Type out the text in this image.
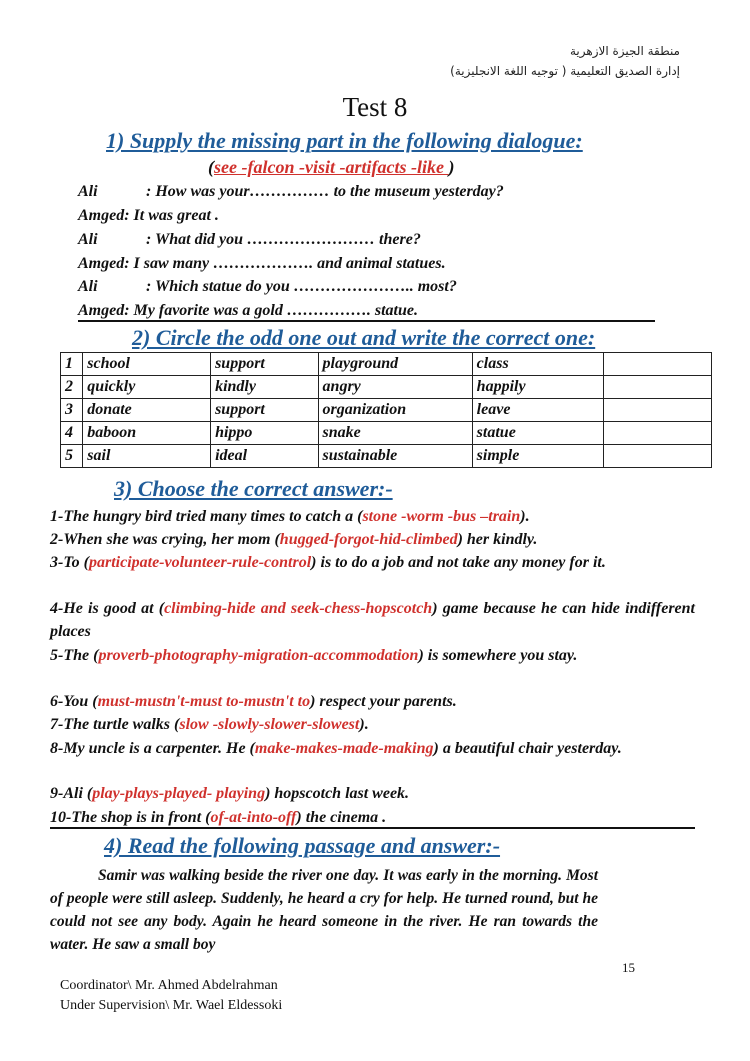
منطقة الجيزة الازهرية
إدارة الصديق التعليمية ( توجيه اللغة الانجليزية)
Test 8
1) Supply the missing part in the following dialogue:
(see -falcon -visit -artifacts -like )
Ali	: How was your…………… to the museum yesterday?
Amged: It was great .
Ali	: What did you …………………… there?
Amged: I saw many ………………. and animal statues.
Ali	: Which statue do you ………………….. most?
Amged: My favorite was a gold ……………. statue.
2) Circle the odd one out and write the correct one:
1	school	support	playground	class	
2	quickly	kindly	angry	happily	
3	donate	support	organization	leave	
4	baboon	hippo	snake	statue	
5	sail	ideal	sustainable	simple	
3) Choose the correct answer:-
1-The hungry bird tried many times to catch a (stone -worm -bus –train).
2-When she was crying, her mom (hugged-forgot-hid-climbed) her kindly.
3-To (participate-volunteer-rule-control) is to do a job and not take any money for it.
4-He is good at (climbing-hide and seek-chess-hopscotch) game because he can hide indifferent places
5-The (proverb-photography-migration-accommodation) is somewhere you stay.
6-You (must-mustn't-must to-mustn't to) respect your parents.
7-The turtle walks (slow -slowly-slower-slowest).
8-My uncle is a carpenter. He (make-makes-made-making) a beautiful chair yesterday.
9-Ali (play-plays-played- playing) hopscotch last week.
10-The shop is in front (of-at-into-off) the cinema .
4) Read the following passage and answer:-
Samir was walking beside the river one day. It was early in the morning. Most of people were still asleep. Suddenly, he heard a cry for help. He turned round, but he could not see any body. Again he heard someone in the river. He ran towards the water. He saw a small boy
15
Coordinator\ Mr. Ahmed Abdelrahman
Under Supervision\ Mr. Wael Eldessoki
